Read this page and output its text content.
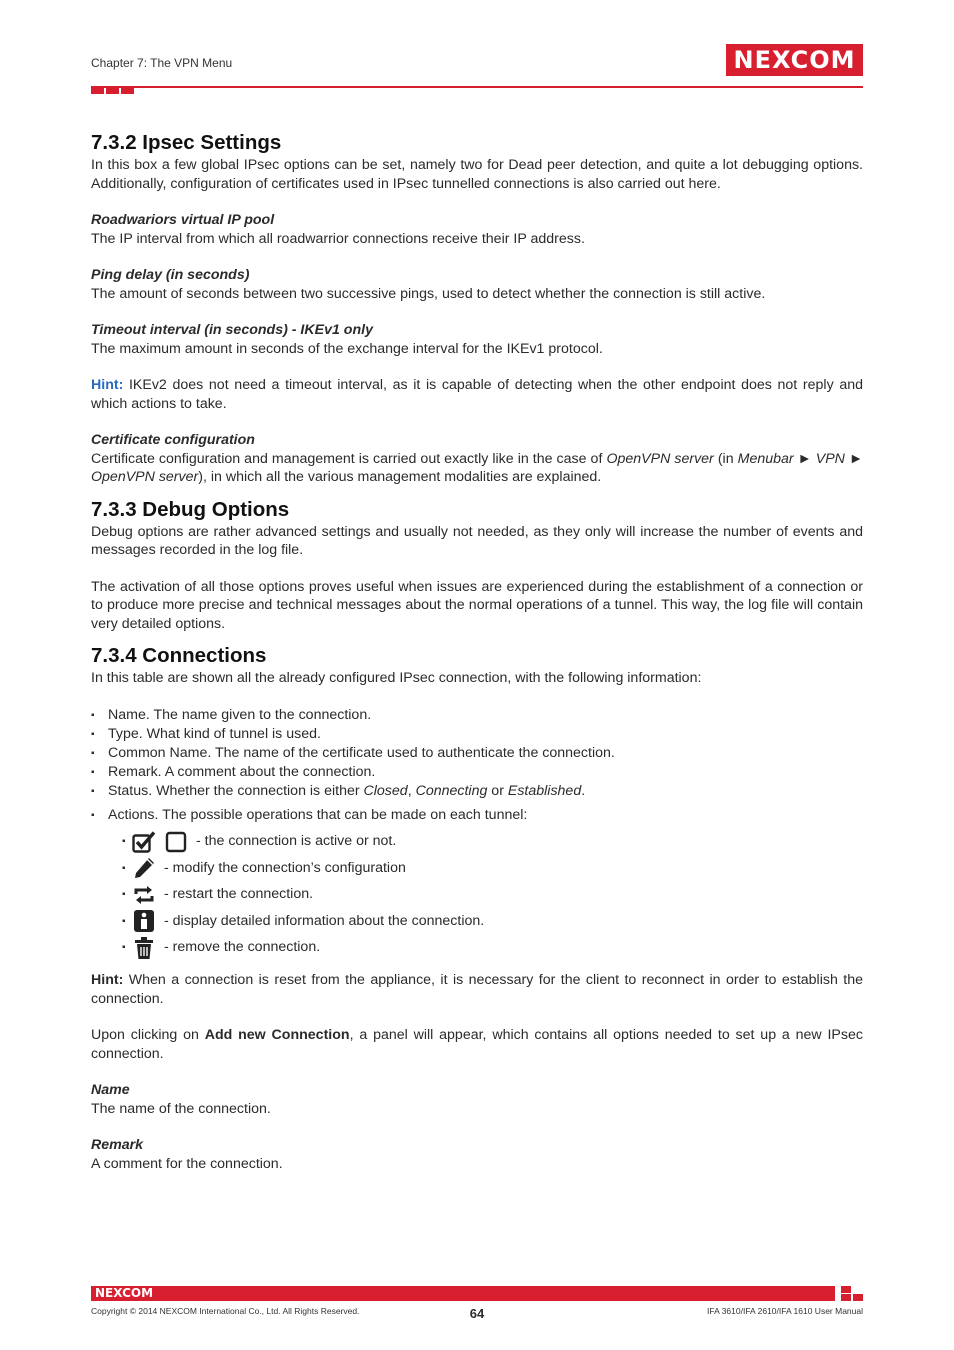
Chapter 7: The VPN Menu	NEXCOM
7.3.2 Ipsec Settings

In this box a few global IPsec options can be set, namely two for Dead peer detection, and quite a lot debugging options. Additionally, configuration of certificates used in IPsec tunnelled connections is also carried out here.

Roadwariors virtual IP pool

The IP interval from which all roadwarrior connections receive their IP address.

Ping delay (in seconds)

The amount of seconds between two successive pings, used to detect whether the connection is still active.

Timeout interval (in seconds) - IKEv1 only

The maximum amount in seconds of the exchange interval for the IKEv1 protocol.

Hint: IKEv2 does not need a timeout interval, as it is capable of detecting when the other endpoint does not reply and which actions to take.

Certificate configuration

Certificate configuration and management is carried out exactly like in the case of OpenVPN server (in Menubar ► VPN ► OpenVPN server), in which all the various management modalities are explained.

7.3.3 Debug Options

Debug options are rather advanced settings and usually not needed, as they only will increase the number of events and messages recorded in the log file.

The activation of all those options proves useful when issues are experienced during the establishment of a connection or to produce more precise and technical messages about the normal operations of a tunnel. This way, the log file will contain very detailed options.

7.3.4 Connections

In this table are shown all the already configured IPsec connection, with the following information:

▪ Name. The name given to the connection.
▪ Type. What kind of tunnel is used.
▪ Common Name. The name of the certificate used to authenticate the connection.
▪ Remark. A comment about the connection.
▪ Status. Whether the connection is either Closed, Connecting or Established.
▪ Actions. The possible operations that can be made on each tunnel:
▪	- the connection is active or not.
▪	- modify the connection’s configuration
▪	- restart the connection.
▪	- display detailed information about the connection.
▪	- remove the connection.

Hint: When a connection is reset from the appliance, it is necessary for the client to reconnect in order to establish the connection.

Upon clicking on Add new Connection, a panel will appear, which contains all options needed to set up a new IPsec connection.

Name

The name of the connection.

Remark

A comment for the connection.

NEXCOM
Copyright © 2014 NEXCOM International Co., Ltd. All Rights Reserved.	64	IFA 3610/IFA 2610/IFA 1610 User Manual
